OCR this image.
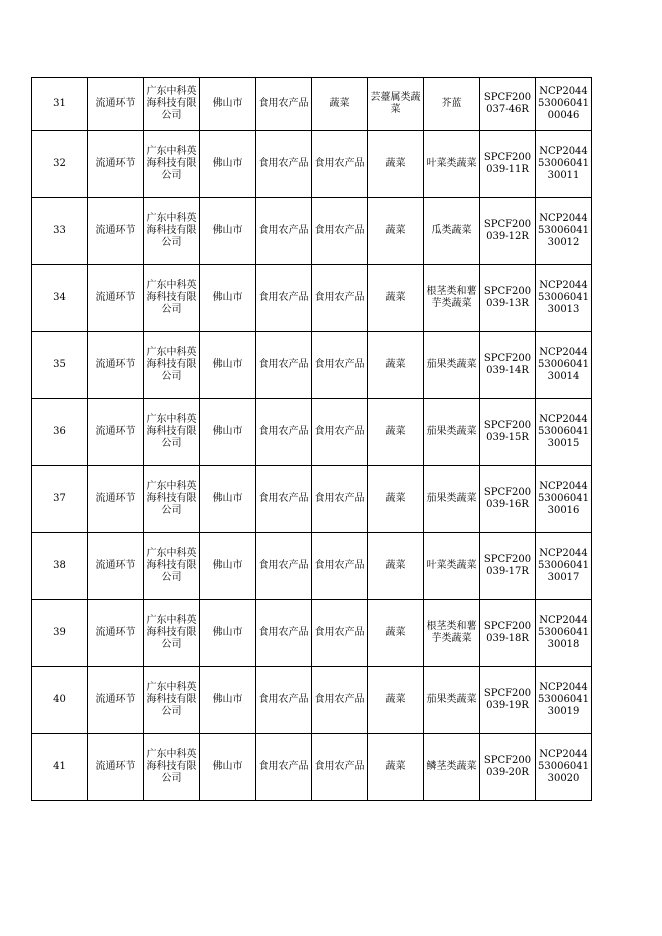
31	流通环节	广东中科英海科技有限公司	佛山市	食用农产品	蔬菜	芸薹属类蔬菜	芥蓝	SPCF200037-46R	NCP20445300604100046
32	流通环节	广东中科英海科技有限公司	佛山市	食用农产品	食用农产品	蔬菜	叶菜类蔬菜	SPCF200039-11R	NCP20445300604130011
33	流通环节	广东中科英海科技有限公司	佛山市	食用农产品	食用农产品	蔬菜	瓜类蔬菜	SPCF200039-12R	NCP20445300604130012
34	流通环节	广东中科英海科技有限公司	佛山市	食用农产品	食用农产品	蔬菜	根茎类和薯芋类蔬菜	SPCF200039-13R	NCP20445300604130013
35	流通环节	广东中科英海科技有限公司	佛山市	食用农产品	食用农产品	蔬菜	茄果类蔬菜	SPCF200039-14R	NCP20445300604130014
36	流通环节	广东中科英海科技有限公司	佛山市	食用农产品	食用农产品	蔬菜	茄果类蔬菜	SPCF200039-15R	NCP20445300604130015
37	流通环节	广东中科英海科技有限公司	佛山市	食用农产品	食用农产品	蔬菜	茄果类蔬菜	SPCF200039-16R	NCP20445300604130016
38	流通环节	广东中科英海科技有限公司	佛山市	食用农产品	食用农产品	蔬菜	叶菜类蔬菜	SPCF200039-17R	NCP20445300604130017
39	流通环节	广东中科英海科技有限公司	佛山市	食用农产品	食用农产品	蔬菜	根茎类和薯芋类蔬菜	SPCF200039-18R	NCP20445300604130018
40	流通环节	广东中科英海科技有限公司	佛山市	食用农产品	食用农产品	蔬菜	茄果类蔬菜	SPCF200039-19R	NCP20445300604130019
41	流通环节	广东中科英海科技有限公司	佛山市	食用农产品	食用农产品	蔬菜	鳞茎类蔬菜	SPCF200039-20R	NCP20445300604130020
